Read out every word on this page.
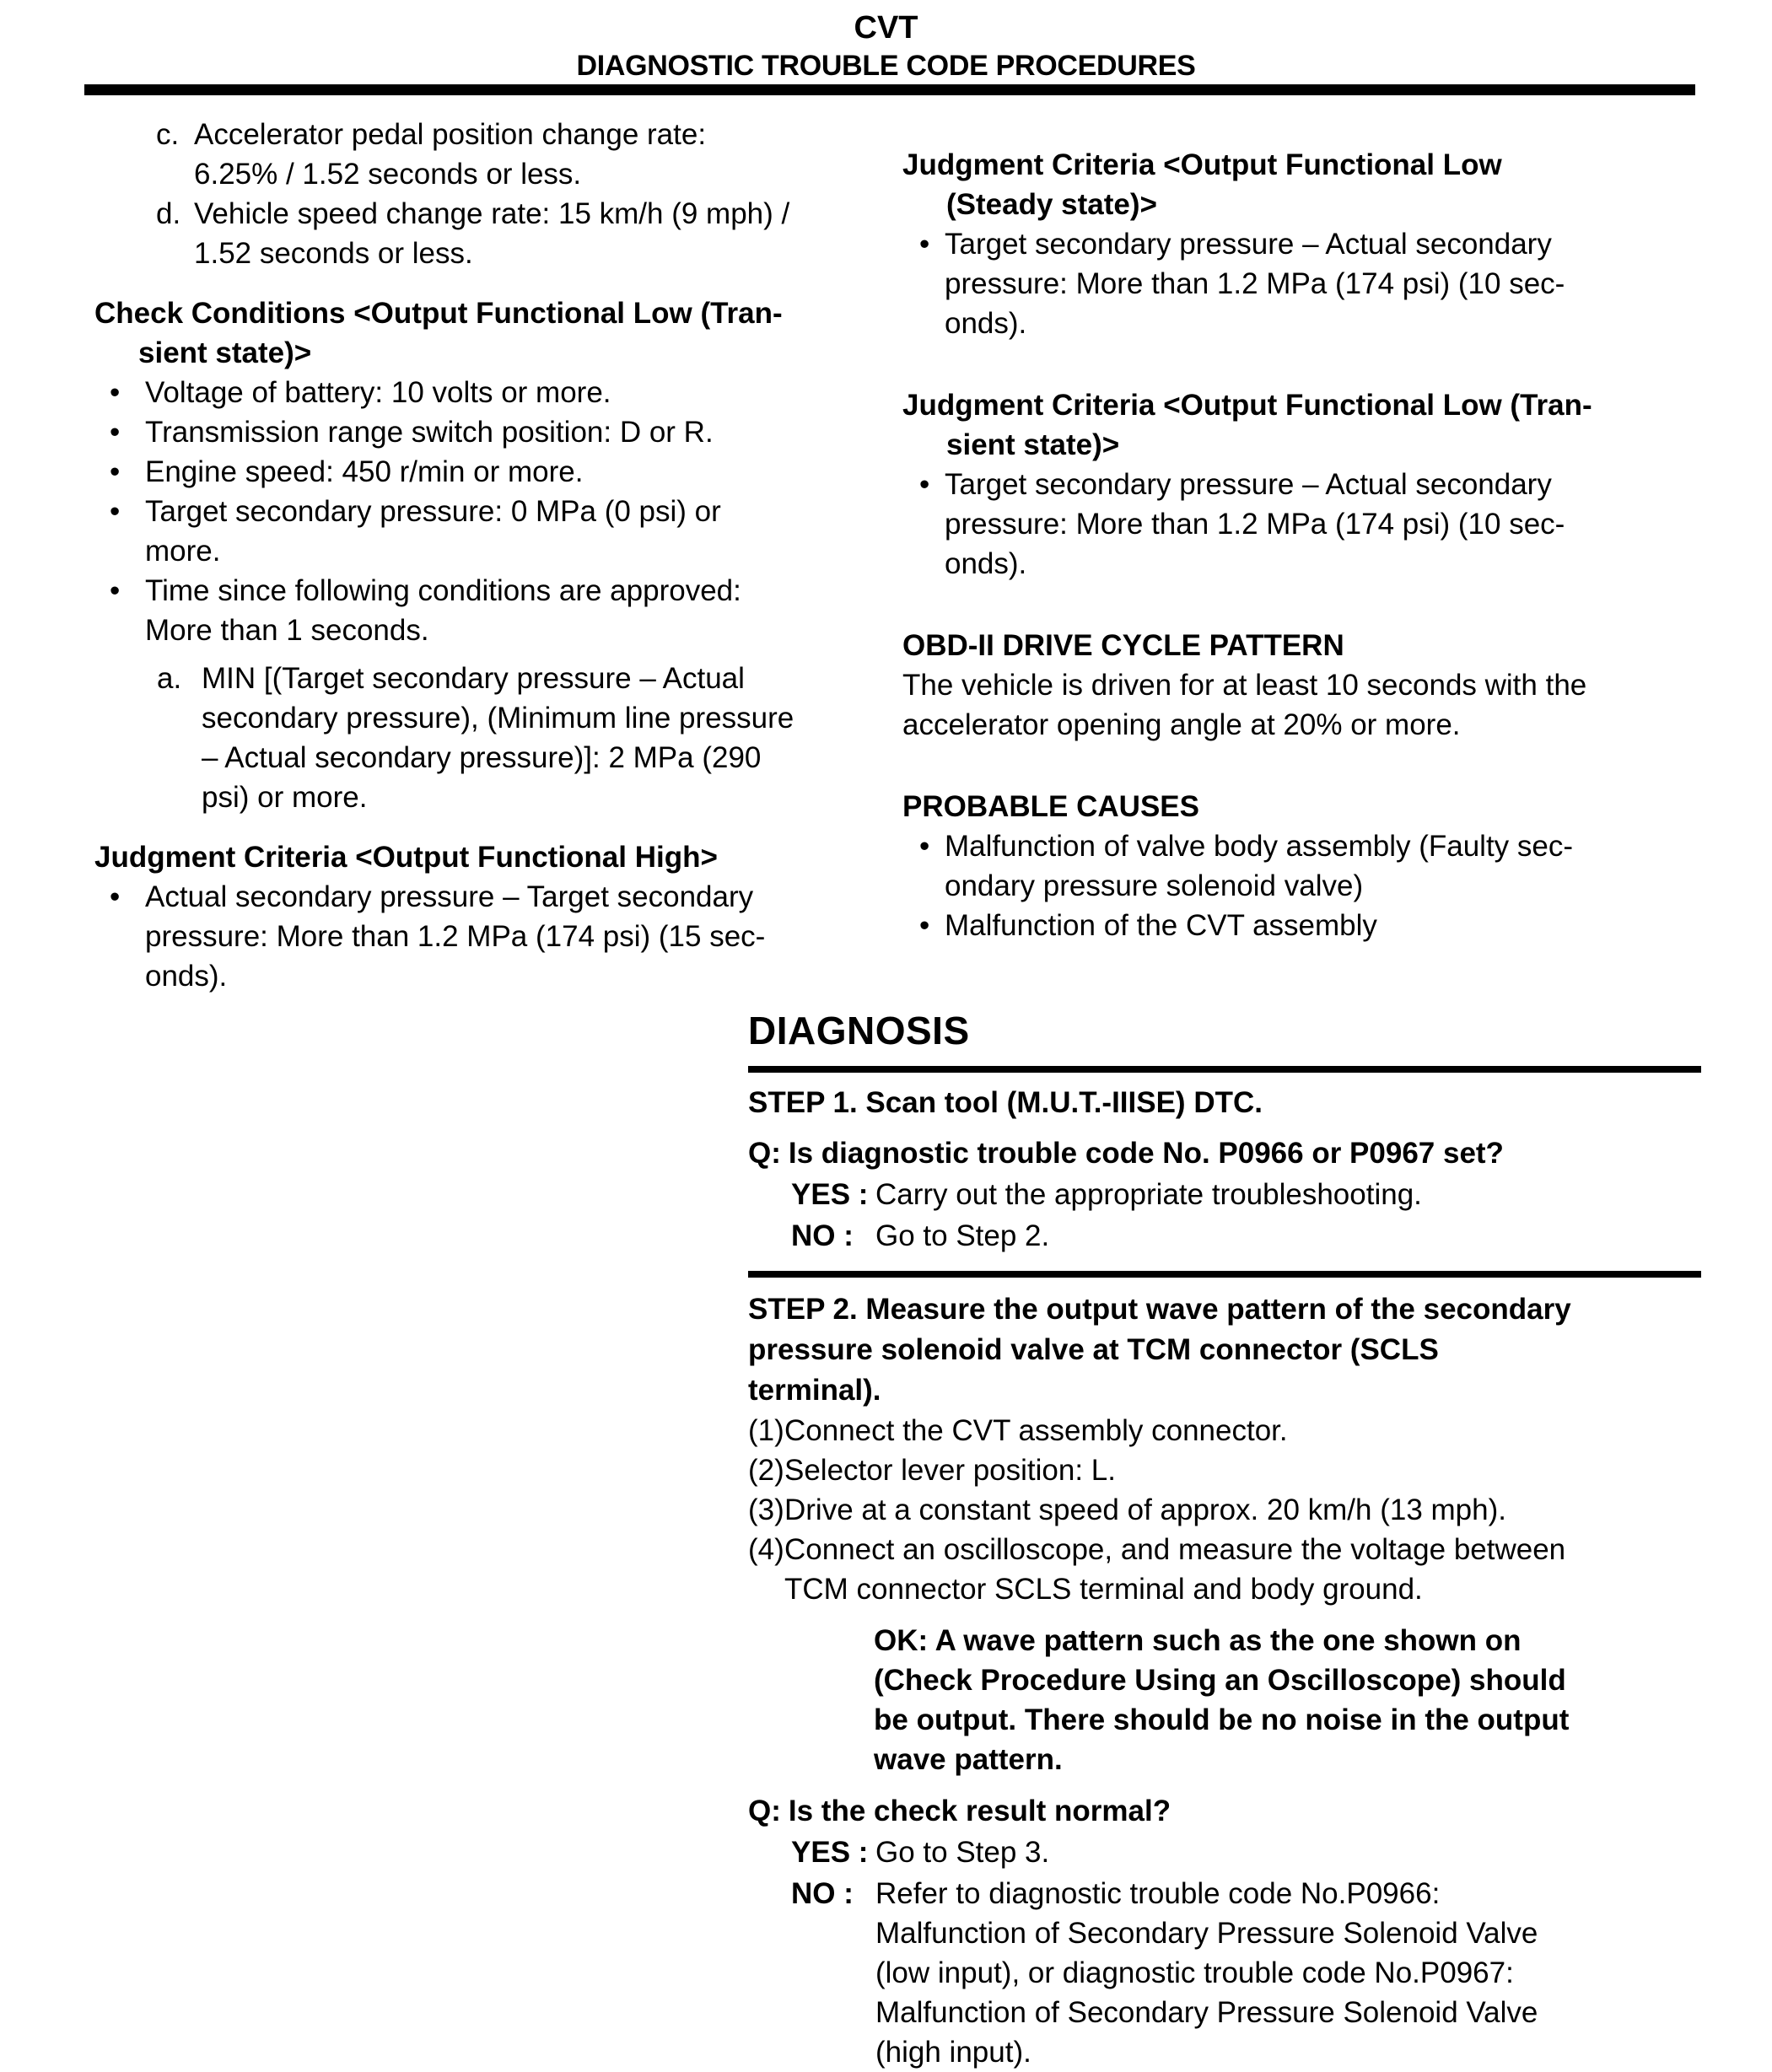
CVT
DIAGNOSTIC TROUBLE CODE PROCEDURES
c. Accelerator pedal position change rate:
6.25% / 1.52 seconds or less.
d. Vehicle speed change rate: 15 km/h (9 mph) /
1.52 seconds or less.
Check Conditions <Output Functional Low (Tran-
sient state)>
• Voltage of battery: 10 volts or more.
• Transmission range switch position: D or R.
• Engine speed: 450 r/min or more.
• Target secondary pressure: 0 MPa (0 psi) or
more.
• Time since following conditions are approved:
More than 1 seconds.
a. MIN [(Target secondary pressure – Actual
secondary pressure), (Minimum line pressure
– Actual secondary pressure)]: 2 MPa (290
psi) or more.
Judgment Criteria <Output Functional High>
• Actual secondary pressure – Target secondary
pressure: More than 1.2 MPa (174 psi) (15 sec-
onds).
Judgment Criteria <Output Functional Low
(Steady state)>
• Target secondary pressure – Actual secondary
pressure: More than 1.2 MPa (174 psi) (10 sec-
onds).
Judgment Criteria <Output Functional Low (Tran-
sient state)>
• Target secondary pressure – Actual secondary
pressure: More than 1.2 MPa (174 psi) (10 sec-
onds).
OBD-II DRIVE CYCLE PATTERN
The vehicle is driven for at least 10 seconds with the
accelerator opening angle at 20% or more.
PROBABLE CAUSES
• Malfunction of valve body assembly (Faulty sec-
ondary pressure solenoid valve)
• Malfunction of the CVT assembly
DIAGNOSIS
STEP 1. Scan tool (M.U.T.-IIISE) DTC.
Q: Is diagnostic trouble code No. P0966 or P0967 set?
YES : Carry out the appropriate troubleshooting.
NO : Go to Step 2.
STEP 2. Measure the output wave pattern of the secondary
pressure solenoid valve at TCM connector (SCLS
terminal).
(1) Connect the CVT assembly connector.
(2) Selector lever position: L.
(3) Drive at a constant speed of approx. 20 km/h (13 mph).
(4) Connect an oscilloscope, and measure the voltage between
TCM connector SCLS terminal and body ground.
OK: A wave pattern such as the one shown on
(Check Procedure Using an Oscilloscope) should
be output. There should be no noise in the output
wave pattern.
Q: Is the check result normal?
YES : Go to Step 3.
NO : Refer to diagnostic trouble code No.P0966:
Malfunction of Secondary Pressure Solenoid Valve
(low input), or diagnostic trouble code No.P0967:
Malfunction of Secondary Pressure Solenoid Valve
(high input).
